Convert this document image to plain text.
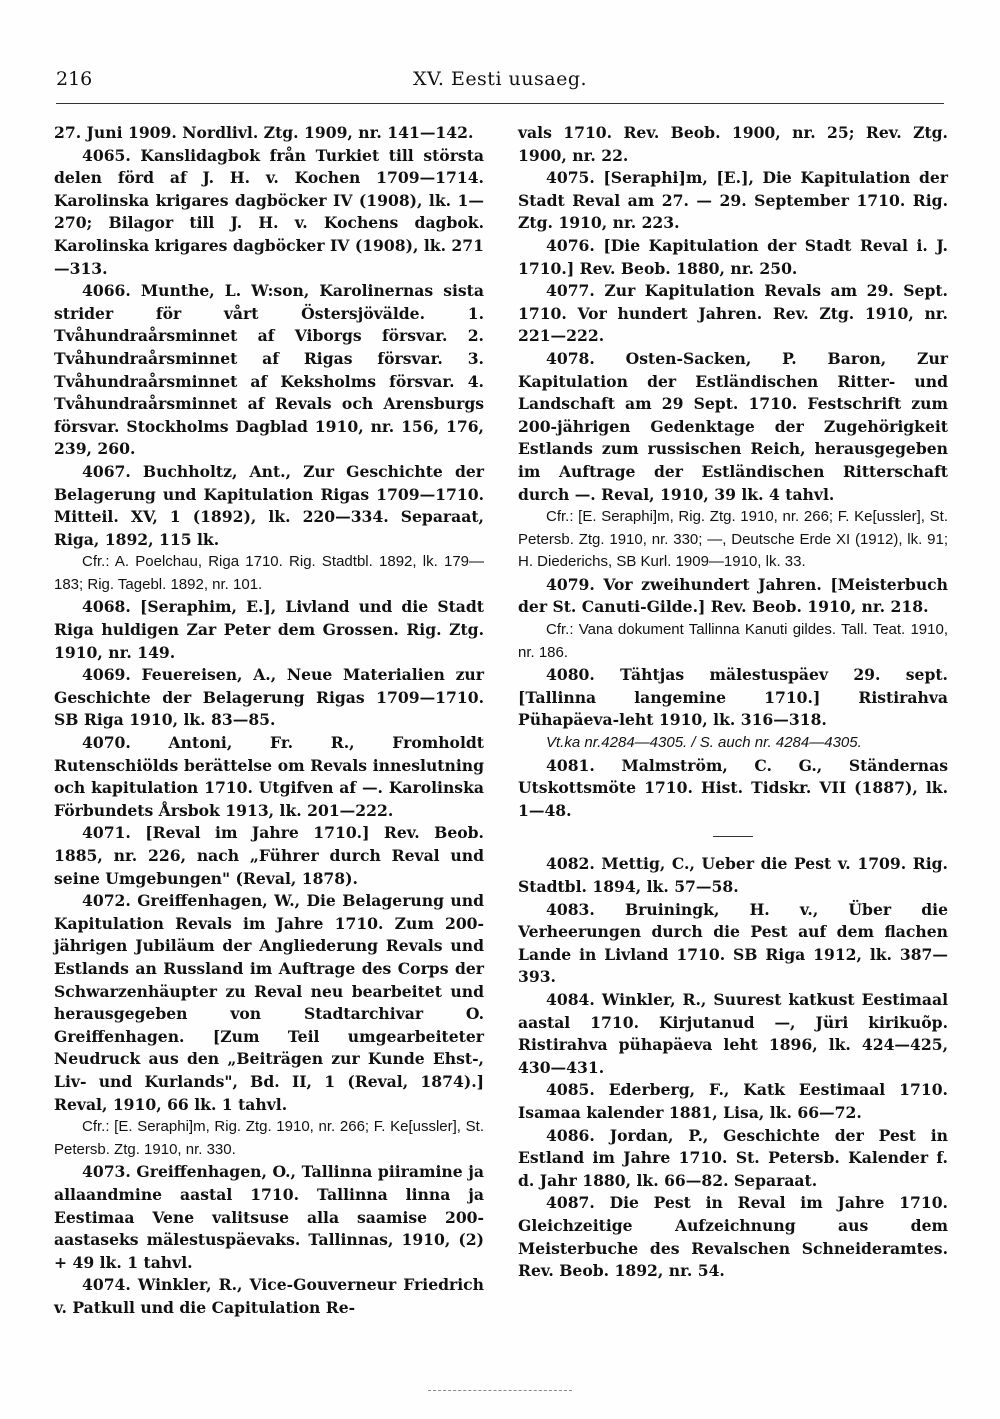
216	XV. Eesti uusaeg.

27. Juni 1909. Nordlivl. Ztg. 1909, nr. 141—142.

4065. Kanslidagbok från Turkiet till största delen förd af J. H. v. Kochen 1709—1714. Karolinska krigares dagböcker IV (1908), lk. 1—270; Bilagor till J. H. v. Kochens dagbok. Karolinska krigares dagböcker IV (1908), lk. 271—313.

4066. Munthe, L. W:son, Karolinernas sista strider för vårt Östersjövälde. 1. Tvåhundraårsminnet af Viborgs försvar. 2. Tvåhundraårsminnet af Rigas försvar. 3. Tvåhundraårsminnet af Keksholms försvar. 4. Tvåhundraårsminnet af Revals och Arensburgs försvar. Stockholms Dagblad 1910, nr. 156, 176, 239, 260.

4067. Buchholtz, Ant., Zur Geschichte der Belagerung und Kapitulation Rigas 1709—1710. Mitteil. XV, 1 (1892), lk. 220—334. Separaat, Riga, 1892, 115 lk.

Cfr.: A. Poelchau, Riga 1710. Rig. Stadtbl. 1892, lk. 179—183; Rig. Tagebl. 1892, nr. 101.

4068. [Seraphim, E.], Livland und die Stadt Riga huldigen Zar Peter dem Grossen. Rig. Ztg. 1910, nr. 149.

4069. Feuereisen, A., Neue Materialien zur Geschichte der Belagerung Rigas 1709—1710. SB Riga 1910, lk. 83—85.

4070. Antoni, Fr. R., Fromholdt Rutenschiölds berättelse om Revals inneslutning och kapitulation 1710. Utgifven af —. Karolinska Förbundets Årsbok 1913, lk. 201—222.

4071. [Reval im Jahre 1710.] Rev. Beob. 1885, nr. 226, nach „Führer durch Reval und seine Umgebungen" (Reval, 1878).

4072. Greiffenhagen, W., Die Belagerung und Kapitulation Revals im Jahre 1710. Zum 200-jährigen Jubiläum der Angliederung Revals und Estlands an Russland im Auftrage des Corps der Schwarzenhäupter zu Reval neu bearbeitet und herausgegeben von Stadtarchivar O. Greiffenhagen. [Zum Teil umgearbeiteter Neudruck aus den „Beiträgen zur Kunde Ehst-, Liv- und Kurlands", Bd. II, 1 (Reval, 1874).] Reval, 1910, 66 lk. 1 tahvl.

Cfr.: [E. Seraphi]m, Rig. Ztg. 1910, nr. 266; F. Ke[ussler], St. Petersb. Ztg. 1910, nr. 330.

4073. Greiffenhagen, O., Tallinna piiramine ja allaandmine aastal 1710. Tallinna linna ja Eestimaa Vene valitsuse alla saamise 200-aastaseks mälestuspäevaks. Tallinnas, 1910, (2) + 49 lk. 1 tahvl.

4074. Winkler, R., Vice-Gouverneur Friedrich v. Patkull und die Capitulation Re-

vals 1710. Rev. Beob. 1900, nr. 25; Rev. Ztg. 1900, nr. 22.

4075. [Seraphi]m, [E.], Die Kapitulation der Stadt Reval am 27. — 29. September 1710. Rig. Ztg. 1910, nr. 223.

4076. [Die Kapitulation der Stadt Reval i. J. 1710.] Rev. Beob. 1880, nr. 250.

4077. Zur Kapitulation Revals am 29. Sept. 1710. Vor hundert Jahren. Rev. Ztg. 1910, nr. 221—222.

4078. Osten-Sacken, P. Baron, Zur Kapitulation der Estländischen Ritter- und Landschaft am 29 Sept. 1710. Festschrift zum 200-jährigen Gedenktage der Zugehörigkeit Estlands zum russischen Reich, herausgegeben im Auftrage der Estländischen Ritterschaft durch —. Reval, 1910, 39 lk. 4 tahvl.

Cfr.: [E. Seraphi]m, Rig. Ztg. 1910, nr. 266; F. Ke[ussler], St. Petersb. Ztg. 1910, nr. 330; —, Deutsche Erde XI (1912), lk. 91; H. Diederichs, SB Kurl. 1909—1910, lk. 33.

4079. Vor zweihundert Jahren. [Meisterbuch der St. Canuti-Gilde.] Rev. Beob. 1910, nr. 218.

Cfr.: Vana dokument Tallinna Kanuti gildes. Tall. Teat. 1910, nr. 186.

4080. Tähtjas mälestuspäev 29. sept. [Tallinna langemine 1710.] Ristirahva Pühapäeva-leht 1910, lk. 316—318.

Vt.ka nr.4284—4305. / S. auch nr. 4284—4305.

4081. Malmström, C. G., Ständernas Utskottsmöte 1710. Hist. Tidskr. VII (1887), lk. 1—48.

4082. Mettig, C., Ueber die Pest v. 1709. Rig. Stadtbl. 1894, lk. 57—58.

4083. Bruiningk, H. v., Über die Verheerungen durch die Pest auf dem flachen Lande in Livland 1710. SB Riga 1912, lk. 387—393.

4084. Winkler, R., Suurest katkust Eestimaal aastal 1710. Kirjutanud —, Jüri kirikuõp. Ristirahva pühapäeva leht 1896, lk. 424—425, 430—431.

4085. Ederberg, F., Katk Eestimaal 1710. Isamaa kalender 1881, Lisa, lk. 66—72.

4086. Jordan, P., Geschichte der Pest in Estland im Jahre 1710. St. Petersb. Kalender f. d. Jahr 1880, lk. 66—82. Separaat.

4087. Die Pest in Reval im Jahre 1710. Gleichzeitige Aufzeichnung aus dem Meisterbuche des Revalschen Schneideramtes. Rev. Beob. 1892, nr. 54.
